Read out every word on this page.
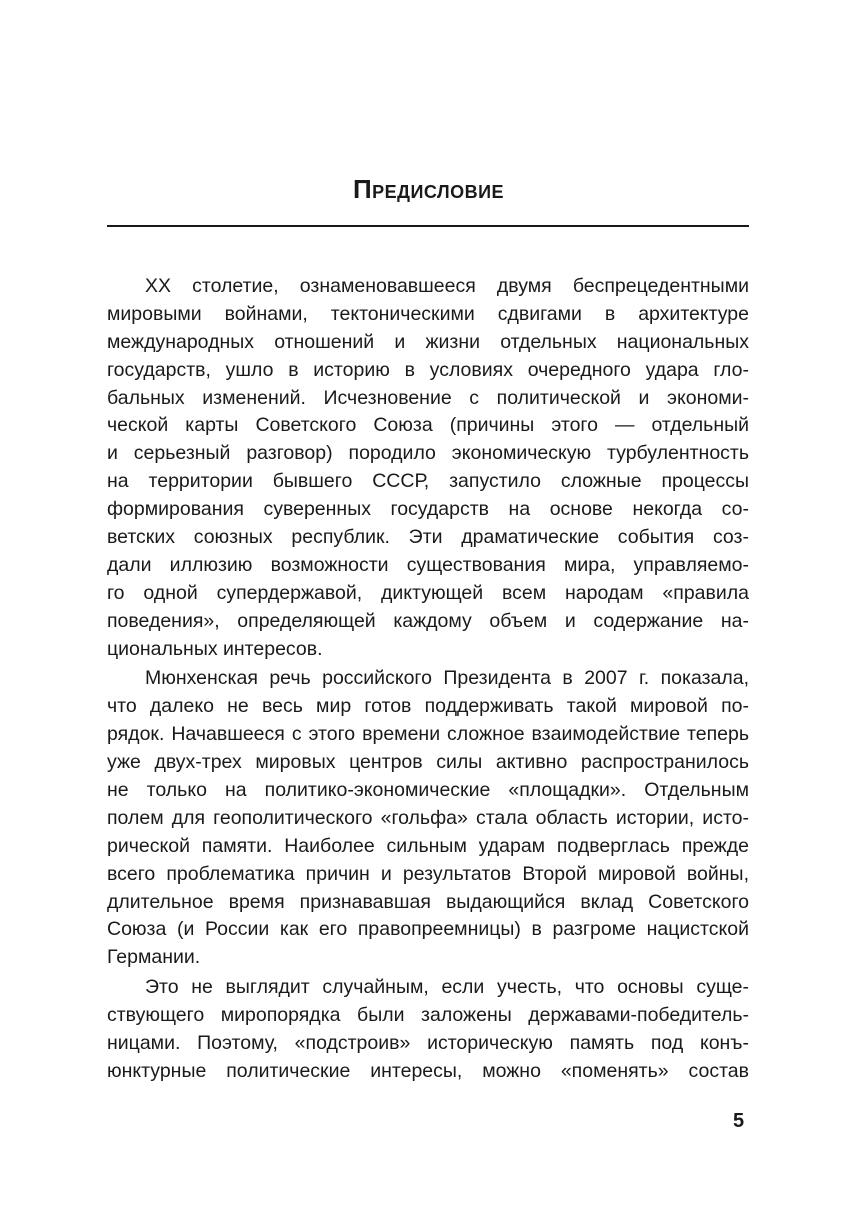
Предисловие
XX столетие, ознаменовавшееся двумя беспрецедентными
мировыми войнами, тектоническими сдвигами в архитектуре
международных отношений и жизни отдельных национальных
государств, ушло в историю в условиях очередного удара гло-
бальных изменений. Исчезновение с политической и экономи-
ческой карты Советского Союза (причины этого — отдельный
и серьезный разговор) породило экономическую турбулентность
на территории бывшего СССР, запустило сложные процессы
формирования суверенных государств на основе некогда со-
ветских союзных республик. Эти драматические события соз-
дали иллюзию возможности существования мира, управляемо-
го одной супердержавой, диктующей всем народам «правила
поведения», определяющей каждому объем и содержание на-
циональных интересов.
Мюнхенская речь российского Президента в 2007 г. показала,
что далеко не весь мир готов поддерживать такой мировой по-
рядок. Начавшееся с этого времени сложное взаимодействие теперь
уже двух-трех мировых центров силы активно распространилось
не только на политико-экономические «площадки». Отдельным
полем для геополитического «гольфа» стала область истории, исто-
рической памяти. Наиболее сильным ударам подверглась прежде
всего проблематика причин и результатов Второй мировой войны,
длительное время признававшая выдающийся вклад Советского
Союза (и России как его правопреемницы) в разгроме нацистской
Германии.
Это не выглядит случайным, если учесть, что основы суще-
ствующего миропорядка были заложены державами-победитель-
ницами. Поэтому, «подстроив» историческую память под конъ-
юнктурные политические интересы, можно «поменять» состав
5
